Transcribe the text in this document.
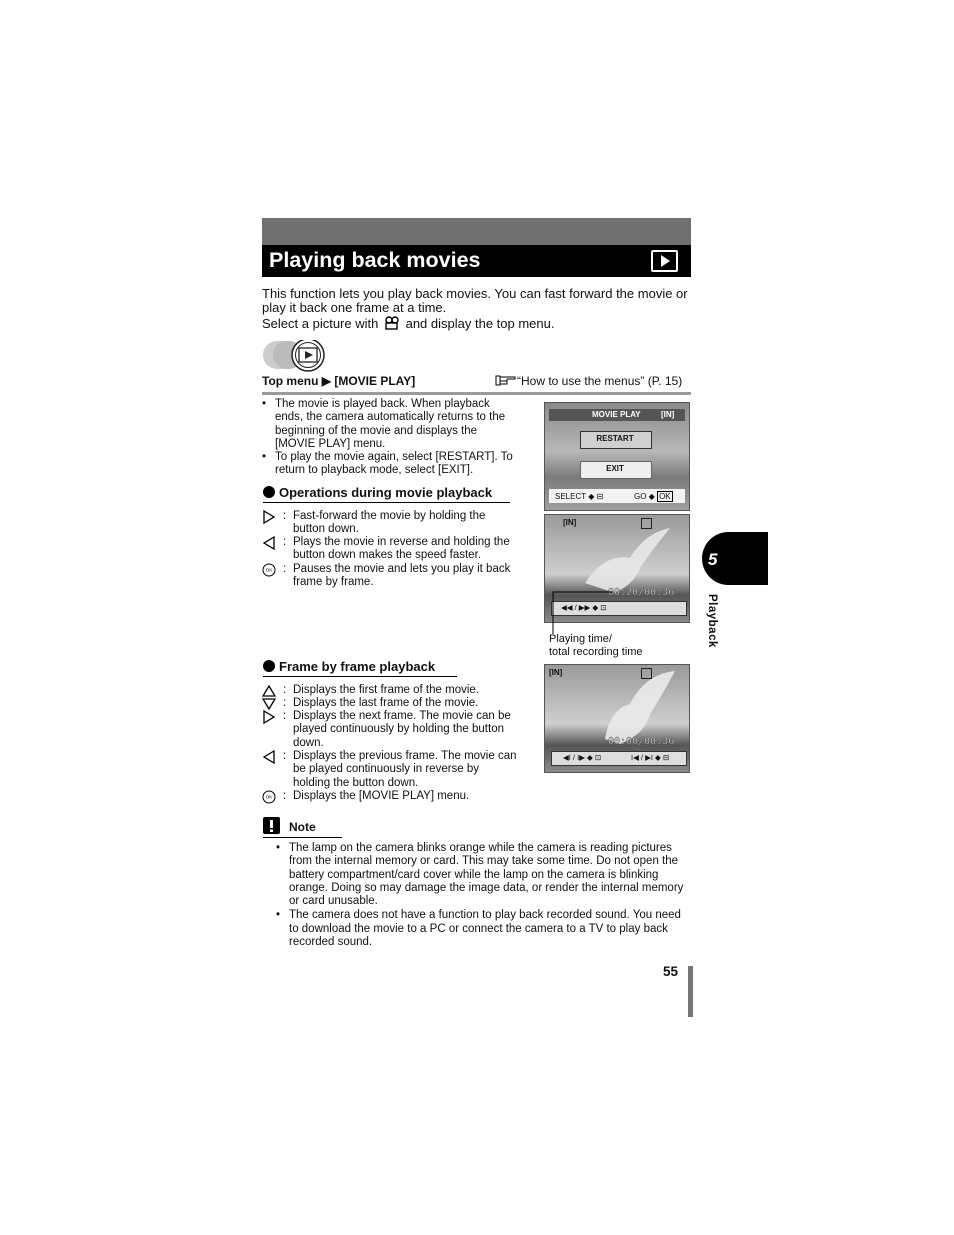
Playing back movies
This function lets you play back movies. You can fast forward the movie or
play it back one frame at a time.
Select a picture with and display the top menu.
Top menu ▶ [MOVIE PLAY]	“How to use the menus” (P. 15)
• The movie is played back. When playback ends, the camera automatically returns to the beginning of the movie and displays the [MOVIE PLAY] menu.
• To play the movie again, select [RESTART]. To return to playback mode, select [EXIT].
Operations during movie playback
: Fast-forward the movie by holding the button down.
: Plays the movie in reverse and holding the button down makes the speed faster.
OK : Pauses the movie and lets you play it back frame by frame.
Frame by frame playback
: Displays the first frame of the movie.
: Displays the last frame of the movie.
: Displays the next frame. The movie can be played continuously by holding the button down.
: Displays the previous frame. The movie can be played continuously in reverse by holding the button down.
OK : Displays the [MOVIE PLAY] menu.
MOVIE PLAY	[IN]
RESTART
EXIT
SELECT ◆ ⊟	GO ◆ OK
[IN]
00:20/00:36
◀◀ / ▶▶ ◆ ⊡
Playing time/
total recording time
[IN]
00:00/00:36
◀I / I▶ ◆ ⊡	I◀ / ▶I ◆ ⊟
5
Playback
Note
• The lamp on the camera blinks orange while the camera is reading pictures from the internal memory or card. This may take some time. Do not open the battery compartment/card cover while the lamp on the camera is blinking orange. Doing so may damage the image data, or render the internal memory or card unusable.
• The camera does not have a function to play back recorded sound. You need to download the movie to a PC or connect the camera to a TV to play back recorded sound.
55
